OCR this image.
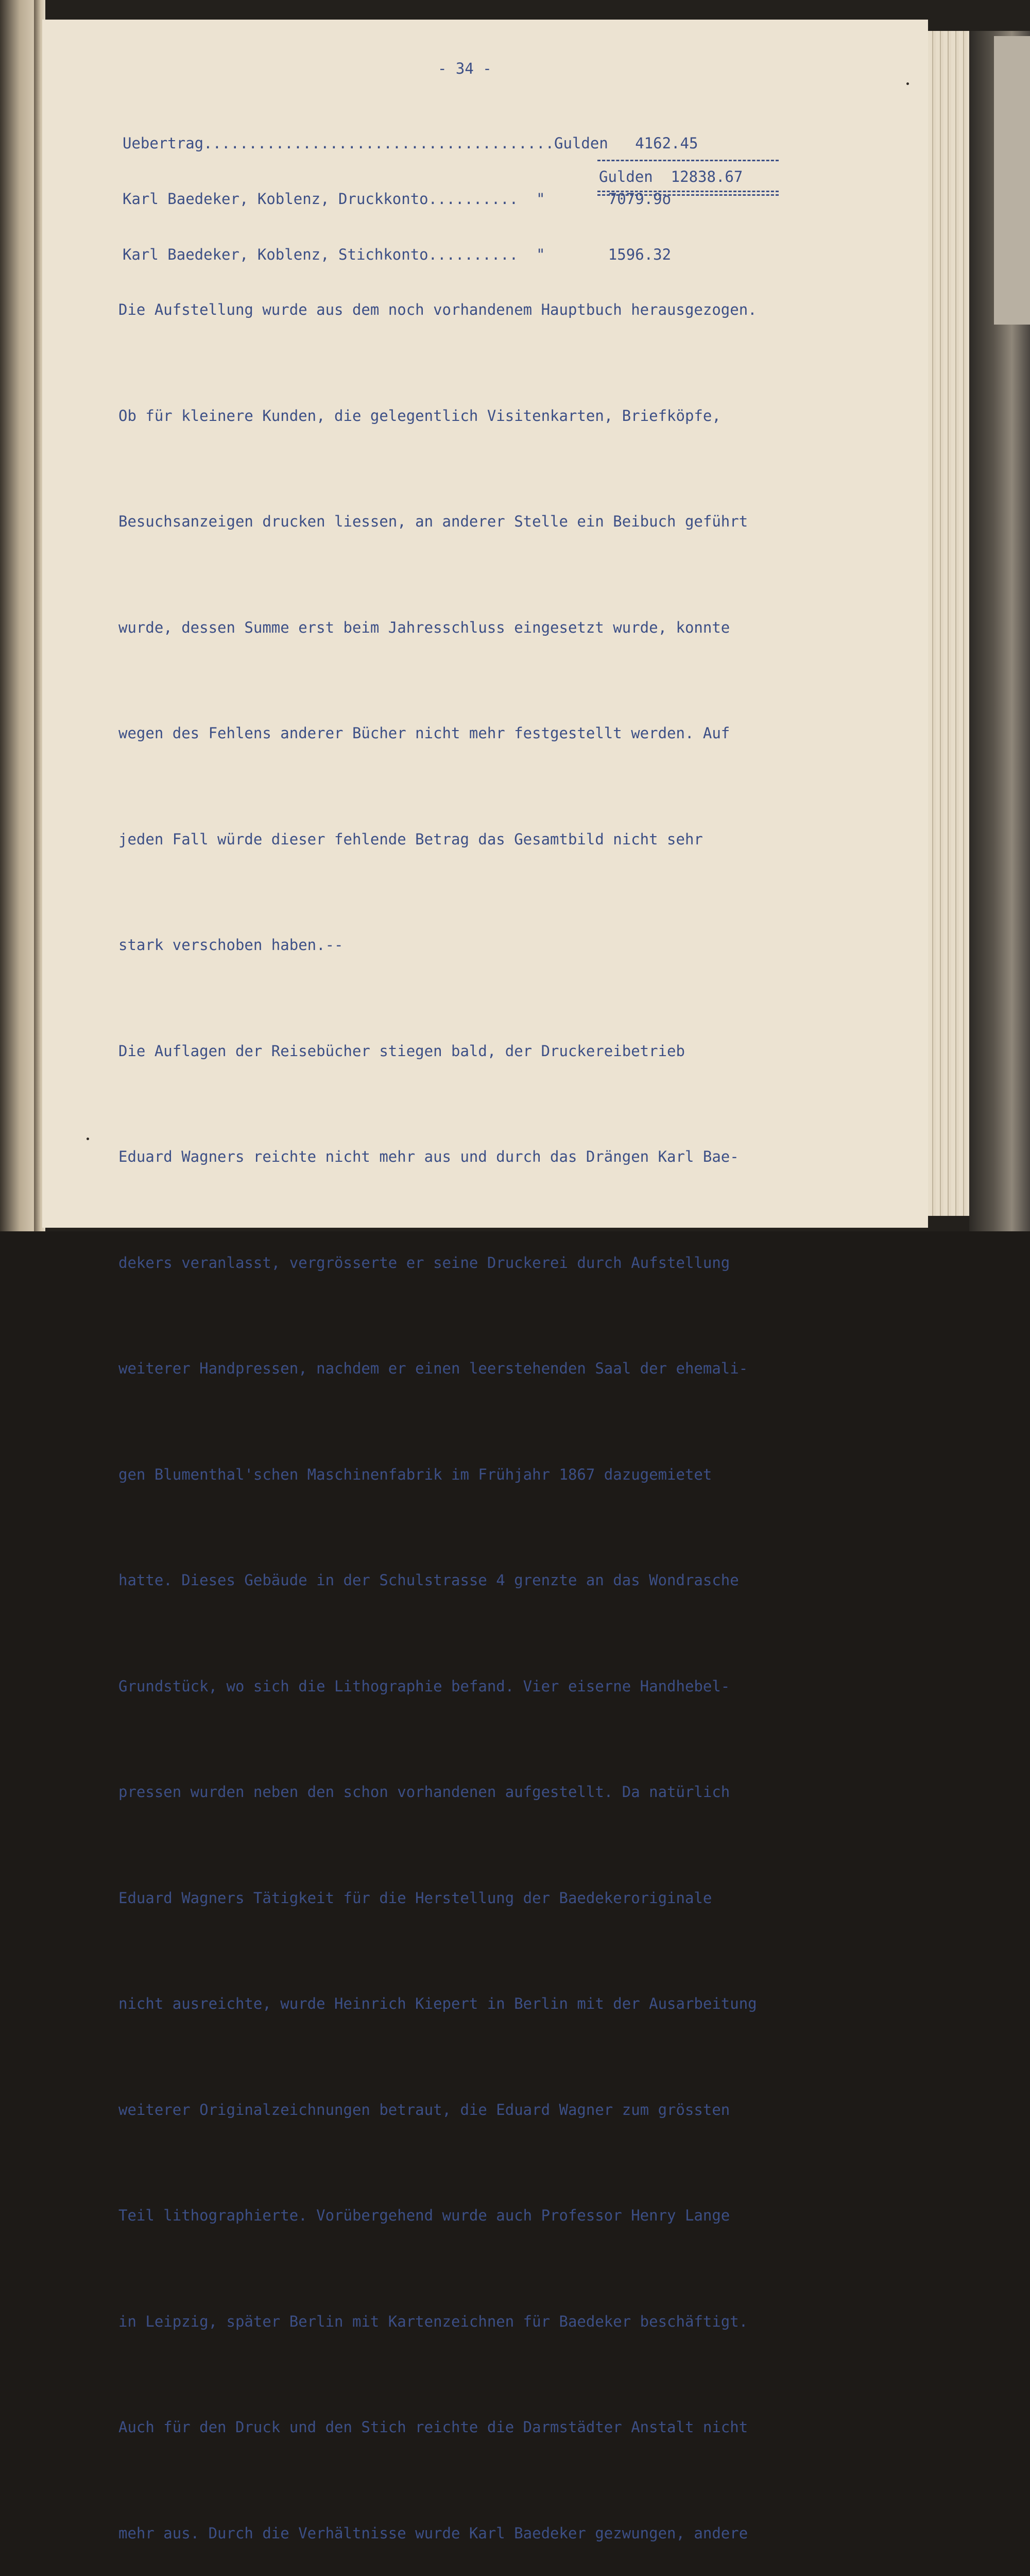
- 34 -

Uebertrag.......................................Gulden   4162.45

Karl Baedeker, Koblenz, Druckkonto..........  "       7079.9o

Karl Baedeker, Koblenz, Stichkonto..........  "       1596.32

Gulden  12838.67

Die Aufstellung wurde aus dem noch vorhandenem Hauptbuch herausgezogen.

Ob für kleinere Kunden, die gelegentlich Visitenkarten, Briefköpfe,

Besuchsanzeigen drucken liessen, an anderer Stelle ein Beibuch geführt

wurde, dessen Summe erst beim Jahresschluss eingesetzt wurde, konnte

wegen des Fehlens anderer Bücher nicht mehr festgestellt werden. Auf

jeden Fall würde dieser fehlende Betrag das Gesamtbild nicht sehr

stark verschoben haben.--

Die Auflagen der Reisebücher stiegen bald, der Druckereibetrieb

Eduard Wagners reichte nicht mehr aus und durch das Drängen Karl Bae-

dekers veranlasst, vergrösserte er seine Druckerei durch Aufstellung

weiterer Handpressen, nachdem er einen leerstehenden Saal der ehemali-

gen Blumenthal'schen Maschinenfabrik im Frühjahr 1867 dazugemietet

hatte. Dieses Gebäude in der Schulstrasse 4 grenzte an das Wondrasche

Grundstück, wo sich die Lithographie befand. Vier eiserne Handhebel-

pressen wurden neben den schon vorhandenen aufgestellt. Da natürlich

Eduard Wagners Tätigkeit für die Herstellung der Baedekeroriginale

nicht ausreichte, wurde Heinrich Kiepert in Berlin mit der Ausarbeitung

weiterer Originalzeichnungen betraut, die Eduard Wagner zum grössten

Teil lithographierte. Vorübergehend wurde auch Professor Henry Lange

in Leipzig, später Berlin mit Kartenzeichnen für Baedeker beschäftigt.

Auch für den Druck und den Stich reichte die Darmstädter Anstalt nicht

mehr aus. Durch die Verhältnisse wurde Karl Baedeker gezwungen, andere
